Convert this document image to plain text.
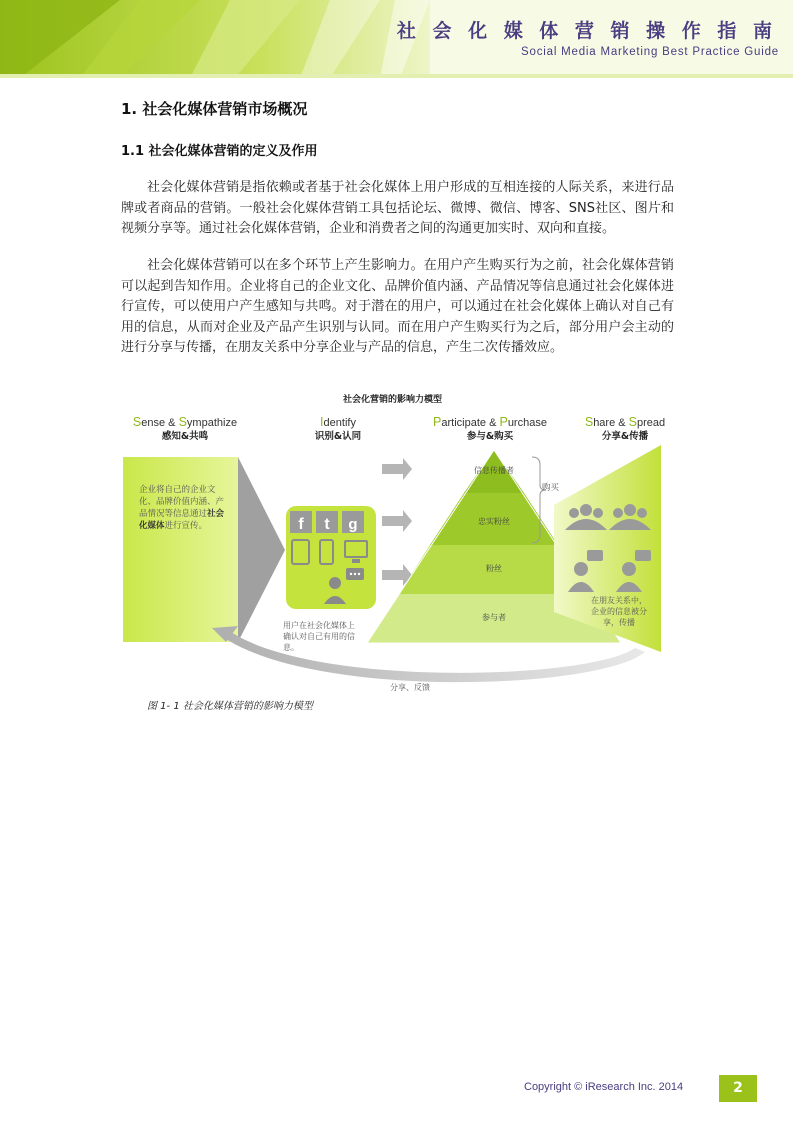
社 会 化 媒 体 营 销 操 作 指 南
Social Media Marketing Best Practice Guide
1. 社会化媒体营销市场概况
1.1 社会化媒体营销的定义及作用

社会化媒体营销是指依赖或者基于社会化媒体上用户形成的互相连接的人际关系，来进行品牌或者商品的营销。一般社会化媒体营销工具包括论坛、微博、微信、博客、SNS社区、图片和视频分享等。通过社会化媒体营销，企业和消费者之间的沟通更加实时、双向和直接。

社会化媒体营销可以在多个环节上产生影响力。在用户产生购买行为之前，社会化媒体营销可以起到告知作用。企业将自己的企业文化、品牌价值内涵、产品情况等信息通过社会化媒体进行宣传，可以使用户产生感知与共鸣。对于潜在的用户，可以通过在社会化媒体上确认对自己有用的信息，从而对企业及产品产生识别与认同。而在用户产生购买行为之后，部分用户会主动的进行分享与传播，在朋友关系中分享企业与产品的信息，产生二次传播效应。

社会化营销的影响力模型
Sense & Sympathize
感知&共鸣
Identify
识别&认同
Participate & Purchase
参与&购买
Share & Spread
分享&传播
f t g
企业将自己的企业文化、品牌价值内涵、产品情况等信息通过社会化媒体进行宣传。
用户在社会化媒体上确认对自己有用的信息。
信息传播者
忠实粉丝
粉丝
参与者
购买
在朋友关系中，企业的信息被分享，传播
分享、反馈
图 1- 1 社会化媒体营销的影响力模型
Copyright © iResearch Inc. 2014	2
